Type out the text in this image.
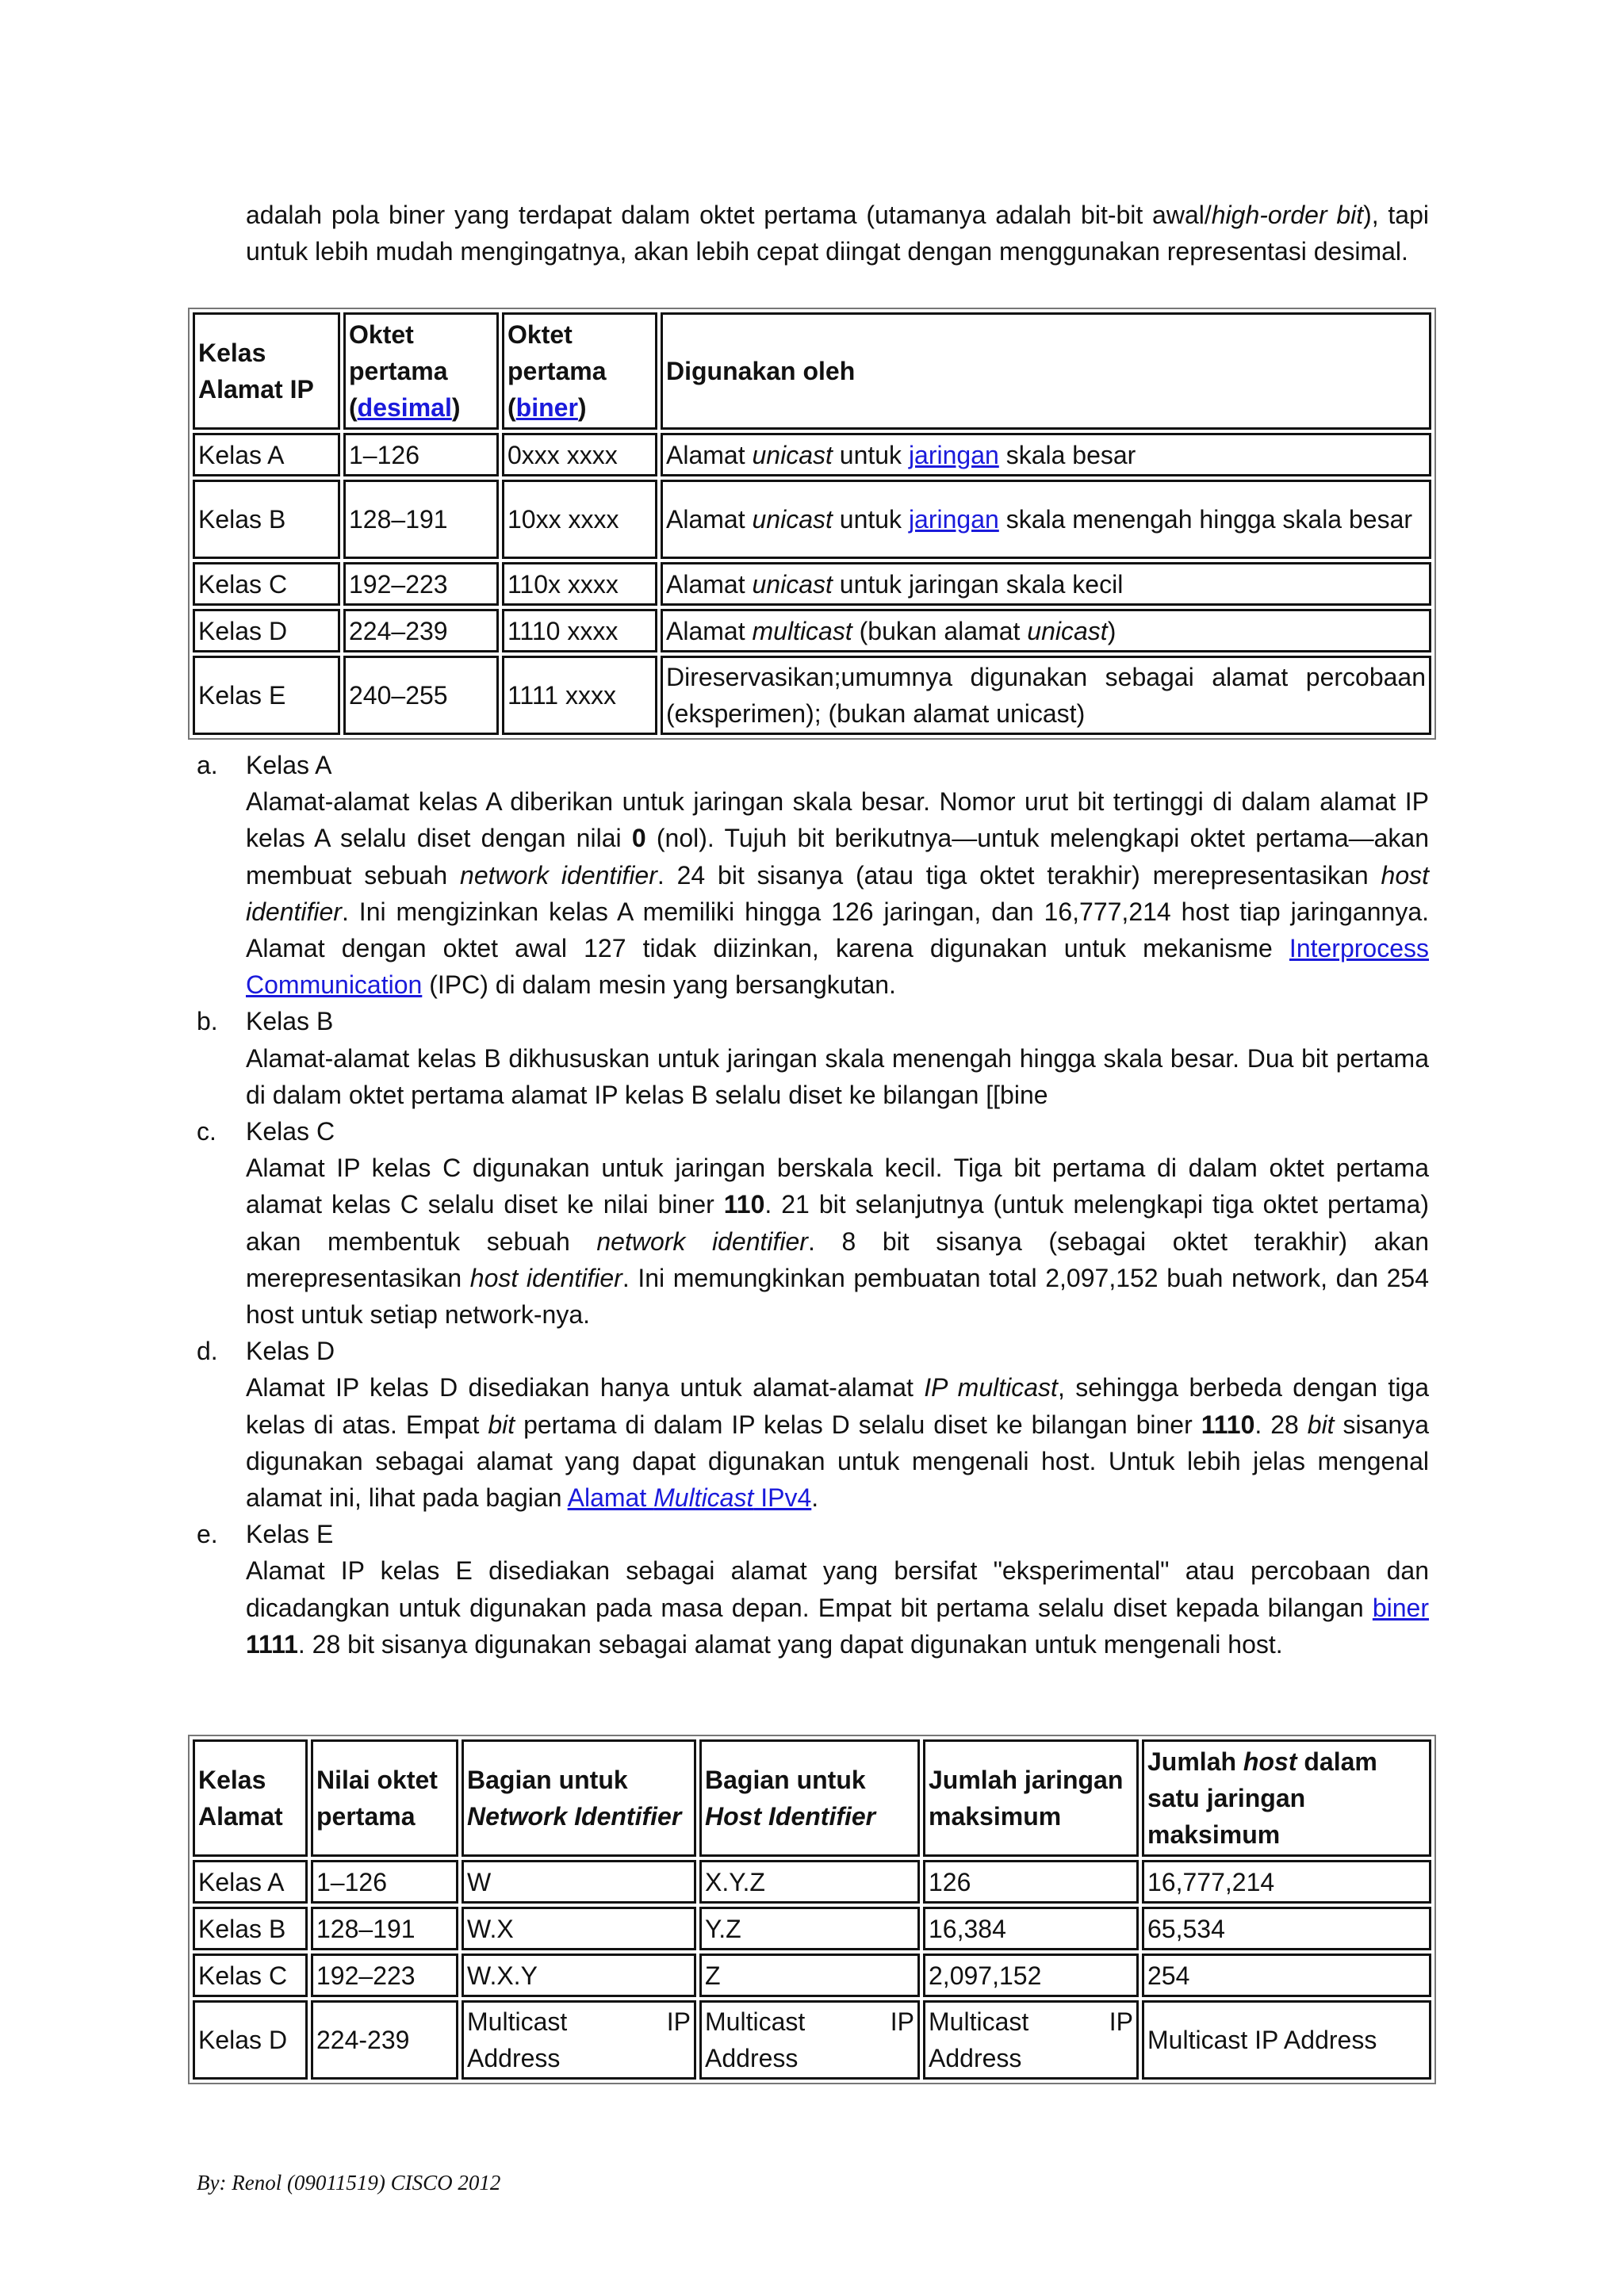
adalah pola biner yang terdapat dalam oktet pertama (utamanya adalah bit-bit awal/high-order bit), tapi untuk lebih mudah mengingatnya, akan lebih cepat diingat dengan menggunakan representasi desimal.
Kelas Alamat IP	Oktet pertama (desimal)	Oktet pertama (biner)	Digunakan oleh
Kelas A	1–126	0xxx xxxx	Alamat unicast untuk jaringan skala besar
Kelas B	128–191	10xx xxxx	Alamat unicast untuk jaringan skala menengah hingga skala besar
Kelas C	192–223	110x xxxx	Alamat unicast untuk jaringan skala kecil
Kelas D	224–239	1110 xxxx	Alamat multicast (bukan alamat unicast)
Kelas E	240–255	1111 xxxx	Direservasikan;umumnya digunakan sebagai alamat percobaan (eksperimen); (bukan alamat unicast)
a. Kelas A
Alamat-alamat kelas A diberikan untuk jaringan skala besar. Nomor urut bit tertinggi di dalam alamat IP kelas A selalu diset dengan nilai 0 (nol). Tujuh bit berikutnya—untuk melengkapi oktet pertama—akan membuat sebuah network identifier. 24 bit sisanya (atau tiga oktet terakhir) merepresentasikan host identifier. Ini mengizinkan kelas A memiliki hingga 126 jaringan, dan 16,777,214 host tiap jaringannya. Alamat dengan oktet awal 127 tidak diizinkan, karena digunakan untuk mekanisme Interprocess Communication (IPC) di dalam mesin yang bersangkutan.
b. Kelas B
Alamat-alamat kelas B dikhususkan untuk jaringan skala menengah hingga skala besar. Dua bit pertama di dalam oktet pertama alamat IP kelas B selalu diset ke bilangan [[bine
c. Kelas C
Alamat IP kelas C digunakan untuk jaringan berskala kecil. Tiga bit pertama di dalam oktet pertama alamat kelas C selalu diset ke nilai biner 110. 21 bit selanjutnya (untuk melengkapi tiga oktet pertama) akan membentuk sebuah network identifier. 8 bit sisanya (sebagai oktet terakhir) akan merepresentasikan host identifier. Ini memungkinkan pembuatan total 2,097,152 buah network, dan 254 host untuk setiap network-nya.
d. Kelas D
Alamat IP kelas D disediakan hanya untuk alamat-alamat IP multicast, sehingga berbeda dengan tiga kelas di atas. Empat bit pertama di dalam IP kelas D selalu diset ke bilangan biner 1110. 28 bit sisanya digunakan sebagai alamat yang dapat digunakan untuk mengenali host. Untuk lebih jelas mengenal alamat ini, lihat pada bagian Alamat Multicast IPv4.
e. Kelas E
Alamat IP kelas E disediakan sebagai alamat yang bersifat "eksperimental" atau percobaan dan dicadangkan untuk digunakan pada masa depan. Empat bit pertama selalu diset kepada bilangan biner 1111. 28 bit sisanya digunakan sebagai alamat yang dapat digunakan untuk mengenali host.
Kelas Alamat	Nilai oktet pertama	Bagian untuk Network Identifier	Bagian untuk Host Identifier	Jumlah jaringan maksimum	Jumlah host dalam satu jaringan maksimum
Kelas A	1–126	W	X.Y.Z	126	16,777,214
Kelas B	128–191	W.X	Y.Z	16,384	65,534
Kelas C	192–223	W.X.Y	Z	2,097,152	254
Kelas D	224-239	Multicast IP Address	Multicast IP Address	Multicast IP Address	Multicast IP Address
By: Renol (09011519) CISCO 2012
